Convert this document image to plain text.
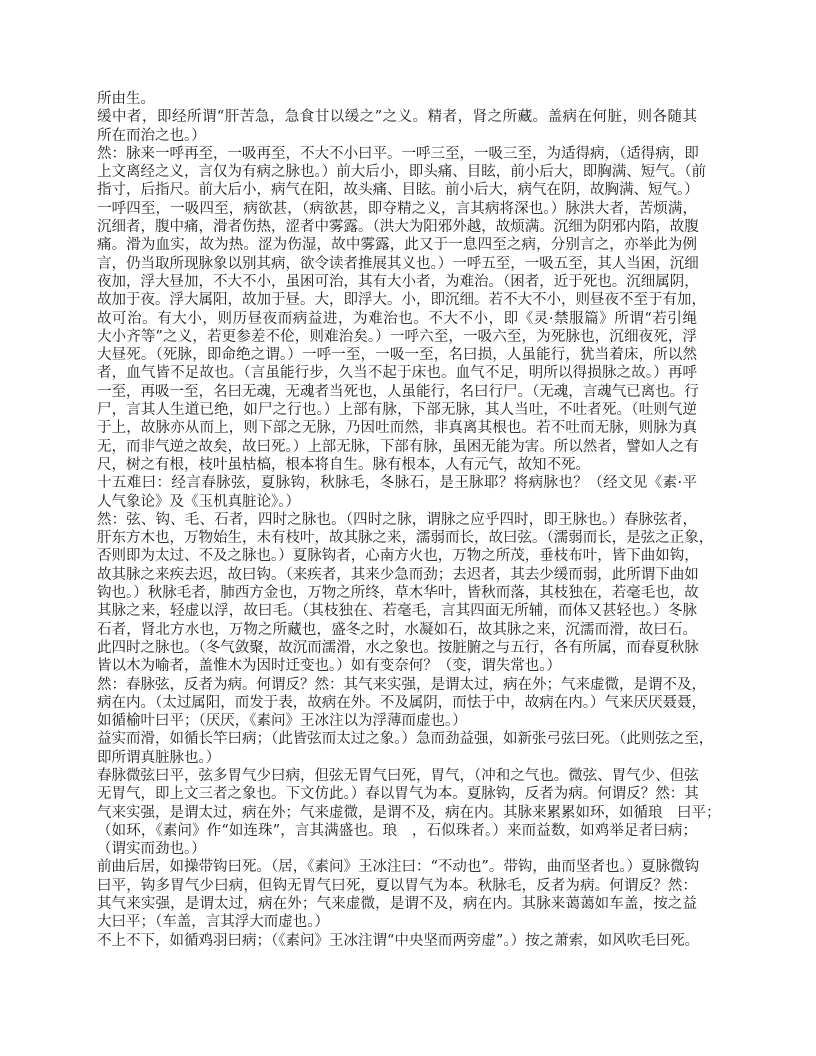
所由生。
缓中者，即经所谓“肝苦急，急食甘以缓之”之义。精者，肾之所藏。盖病在何脏，则各随其
所在而治之也。）
然：脉来一呼再至，一吸再至，不大不小曰平。一呼三至，一吸三至，为适得病，（适得病，即
上文离经之义，言仅为有病之脉也。）前大后小，即头痛、目眩，前小后大，即胸满、短气。（前
指寸，后指尺。前大后小，病气在阳，故头痛、目眩。前小后大，病气在阴，故胸满、短气。）
一呼四至，一吸四至，病欲甚，（病欲甚，即夺精之义，言其病将深也。）脉洪大者，苦烦满，
沉细者，腹中痛，滑者伤热，涩者中雾露。（洪大为阳邪外越，故烦满。沉细为阴邪内陷，故腹
痛。滑为血实，故为热。涩为伤湿，故中雾露，此又于一息四至之病，分别言之，亦举此为例
言，仍当取所现脉象以别其病，欲令读者推展其义也。）一呼五至，一吸五至，其人当困，沉细
夜加，浮大昼加，不大不小，虽困可治，其有大小者，为难治。（困者，近于死也。沉细属阴，
故加于夜。浮大属阳，故加于昼。大，即浮大。小，即沉细。若不大不小，则昼夜不至于有加，
故可治。有大小，则历昼夜而病益进，为难治也。不大不小，即《灵·禁服篇》所谓“若引绳
大小齐等”之义，若更参差不伦，则难治矣。）一呼六至，一吸六至，为死脉也，沉细夜死，浮
大昼死。（死脉，即命绝之谓。）一呼一至，一吸一至，名曰损，人虽能行，犹当着床，所以然
者，血气皆不足故也。（言虽能行步，久当不起于床也。血气不足，明所以得损脉之故。）再呼
一至，再吸一至，名曰无魂，无魂者当死也，人虽能行，名曰行尸。（无魂，言魂气已离也。行
尸，言其人生道已绝，如尸之行也。）上部有脉，下部无脉，其人当吐，不吐者死。（吐则气逆
于上，故脉亦从而上，则下部之无脉，乃因吐而然，非真离其根也。若不吐而无脉，则脉为真
无，而非气逆之故矣，故曰死。）上部无脉，下部有脉，虽困无能为害。所以然者，譬如人之有
尺，树之有根，枝叶虽枯槁，根本将自生。脉有根本，人有元气，故知不死。
十五难曰：经言春脉弦，夏脉钩，秋脉毛，冬脉石，是王脉耶？将病脉也？（经文见《素·平
人气象论》及《玉机真脏论》。）
然：弦、钩、毛、石者，四时之脉也。（四时之脉，谓脉之应乎四时，即王脉也。）春脉弦者，
肝东方木也，万物始生，未有枝叶，故其脉之来，濡弱而长，故曰弦。（濡弱而长，是弦之正象，
否则即为太过、不及之脉也。）夏脉钩者，心南方火也，万物之所茂，垂枝布叶，皆下曲如钩，
故其脉之来疾去迟，故曰钩。（来疾者，其来少急而劲；去迟者，其去少缓而弱，此所谓下曲如
钩也。）秋脉毛者，肺西方金也，万物之所终，草木华叶，皆秋而落，其枝独在，若毫毛也，故
其脉之来，轻虚以浮，故曰毛。（其枝独在、若毫毛，言其四面无所辅，而体又甚轻也。）冬脉
石者，肾北方水也，万物之所藏也，盛冬之时，水凝如石，故其脉之来，沉濡而滑，故曰石。
此四时之脉也。（冬气敛聚，故沉而濡滑，水之象也。按脏腑之与五行，各有所属，而春夏秋脉
皆以木为喻者，盖惟木为因时迁变也。）如有变奈何？（变，谓失常也。）
然：春脉弦，反者为病。何谓反？然：其气来实强，是谓太过，病在外；气来虚微，是谓不及，
病在内。（太过属阳，而发于表，故病在外。不及属阴，而怯于中，故病在内。）气来厌厌聂聂，
如循榆叶曰平；（厌厌，《素问》王冰注以为浮薄而虚也。）
益实而滑，如循长竿曰病；（此皆弦而太过之象。）急而劲益强，如新张弓弦曰死。（此则弦之至，
即所谓真脏脉也。）
春脉微弦曰平，弦多胃气少曰病，但弦无胃气曰死，胃气，（冲和之气也。微弦、胃气少、但弦
无胃气，即上文三者之象也。下文仿此。）春以胃气为本。夏脉钩，反者为病。何谓反？然：其
气来实强，是谓太过，病在外；气来虚微，是谓不及，病在内。其脉来累累如环，如循琅　曰平；
（如环，《素问》作“如连珠”，言其满盛也。琅　，石似珠者。）来而益数，如鸡举足者曰病；
（谓实而劲也。）
前曲后居，如操带钩曰死。（居，《素问》王冰注曰：“不动也”。带钩，曲而坚者也。）夏脉微钩
曰平，钩多胃气少曰病，但钩无胃气曰死，夏以胃气为本。秋脉毛，反者为病。何谓反？然：
其气来实强，是谓太过，病在外；气来虚微，是谓不及，病在内。其脉来蔼蔼如车盖，按之益
大曰平；（车盖，言其浮大而虚也。）
不上不下，如循鸡羽曰病；（《素问》王冰注谓“中央坚而两旁虚”。）按之萧索，如风吹毛曰死。
